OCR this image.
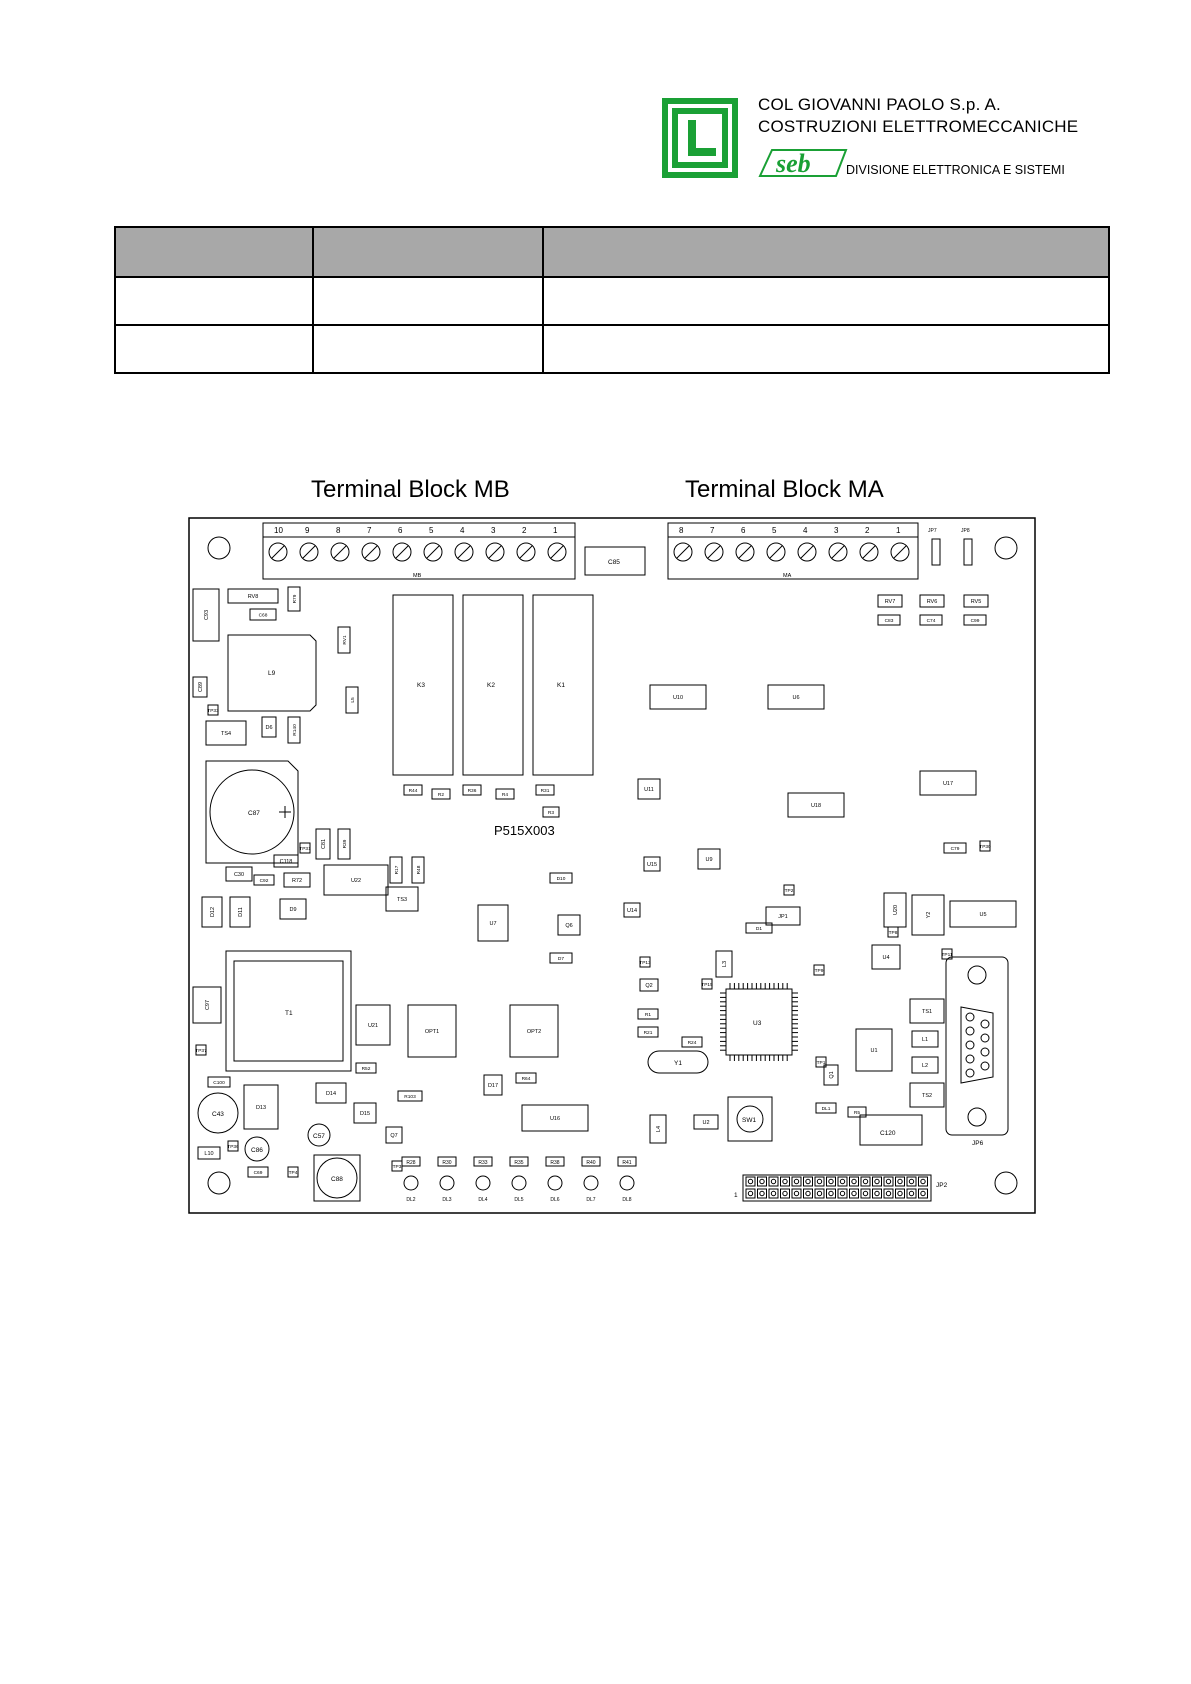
seb
COL GIOVANNI PAOLO S.p. A.
COSTRUZIONI ELETTROMECCANICHE
DIVISIONE ELETTRONICA E SISTEMI

Terminal Block MB	Terminal Block MA
10	9	8	7	6	5	4	3	2	1
MB
8	7	6	5	4	3	2	1
MA
C85
JP7	JP8
K3	K2	K1
L9
C87
T1
JP6
U3
Y1
SW1
C120
1
JP2
C88
C43
C86
C57
P515X003
RV8	R79
C93	C68
RV1
C89
TP33
TS4
D6	R140
L5
C81	R39
R44
R2
R36
R4
R31
R3
C30
C118
TP31
C92	R72	U22
D12	D11	D9
TS3
R17	R48
C97
TP37
U21
OPT1	OPT2
U7	Q6
D7
D10
R52
C100
D13
D14
D15
Q7
D17
R64
U16
C69
L10
TP36
TP4
TP3
R103
RV7	RV6	RV5
C83	C74	C99
U10	U6
U18
U17
U11
U9
U15
U14	U20	Y2	U5
U4
U1
U2
L1
L2
L3
L4
TS1
TS2
JP1
DL1
Q1
Q2
D1
R1
R21
R24
TP13
TP15
TP2
TP8
TP11
TP30
TP1
TP9
R5
C79
R28
DL2
R30
DL3
R33
DL4
R35
DL5
R38
DL6
R40
DL7
R41
DL8
